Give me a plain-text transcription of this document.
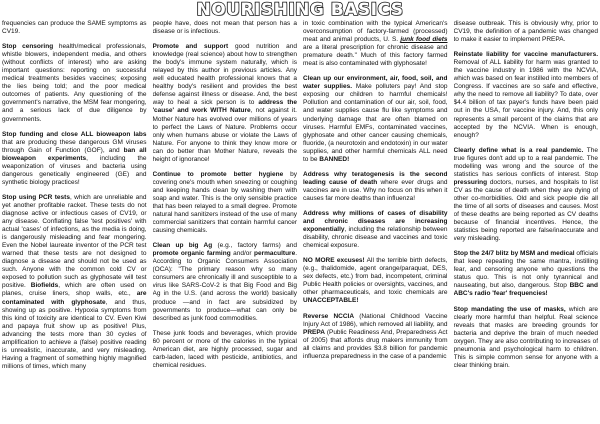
NOURISHING BASICS

frequencies can produce the SAME symptoms as CV19.

Stop censoring health/medical professionals, whistle blowers, independent media, and others (without conflicts of interest) who are asking important questions: reporting on successful medical treatments besides vaccines; exposing the lies being told; and the poor medical outcomes of patients. Any questioning of the government's narrative, the MSM fear mongering, and a serious lack of due diligence by governments.

Stop funding and close ALL bioweapon labs that are producing these dangerous GM viruses through Gain of Function (GOF), and ban all bioweapon experiments, including the weaponization of viruses and bacteria using dangerous genetically engineered (GE) and synthetic biology practices!

Stop using PCR tests, which are unreliable and yet another profitable racket. These tests do not diagnose active or infectious cases of CV19, or any disease. Conflating false 'test positives' with actual 'cases' of infections, as the media is doing, is dangerously misleading and fear mongering. Even the Nobel laureate inventor of the PCR test warned that these tests are not designed to diagnose a disease and should not be used as such. Anyone with the common cold CV or exposed to pollution such as glyphosate will test positive. Biofields, which are often used on planes, cruise liners, shop walls, etc., are contaminated with glyphosate, and thus, showing up as positive. Hypoxia symptoms from this kind of toxicity are identical to CV. Even Kiwi and papaya fruit show up as positive! Plus, advancing the tests more than 30 cycles of amplification to achieve a (false) positive reading is unrealistic, inaccurate, and very misleading. Having a fragment of something highly magnified millions of times, which many

people have, does not mean that person has a disease or is infectious.

Promote and support good nutrition and knowledge (real science) about how to strengthen the body's immune system naturally, which is relayed by this author in previous articles. Any well educated health professional knows that a healthy body's resilient and provides the best defense against illness or disease. And, the best way to heal a sick person is to address the 'cause' and work WITH Nature, not against it. Mother Nature has evolved over millions of years to perfect the Laws of Nature. Problems occur only when humans abuse or violate the Laws of Nature. For anyone to think they know more or can do better than Mother Nature, reveals the height of ignorance!

Continue to promote better hygiene by covering one's mouth when sneezing or coughing and keeping hands clean by washing them with soap and water. This is the only sensible practice that has been relayed to a small degree. Promote natural hand sanitizers instead of the use of many commercial sanitizers that contain harmful cancer causing chemicals.

Clean up big Ag (e.g., factory farms) and promote organic farming and/or permaculture. According to Organic Consumers Association (OCA): "The primary reason why so many consumers are chronically ill and susceptible to a virus like SARS-CoV-2 is that Big Food and Big Ag in the U.S. (and across the world) basically produce —and in fact are subsidized by governments to produce—what can only be described as junk food commodities.

These junk foods and beverages, which provide 60 percent or more of the calories in the typical American diet, are highly processed, sugar and carb-laden, laced with pesticide, antibiotics, and chemical residues.

in toxic combination with the typical American's overconsumption of factory-farmed (processed) meat and animal products, U. S. junk food diets are a literal prescription for chronic disease and premature death." Much of this factory farmed meat is also contaminated with glyphosate!

Clean up our environment, air, food, soil, and water supplies. Make polluters pay! And stop exposing our children to harmful chemicals! Pollution and contamination of our air, soil, food, and water supplies cause flu like symptoms and underlying damage that are often blamed on viruses. Harmful EMFs, contaminated vaccines, glyphosate and other cancer causing chemicals, fluoride, (a neurotoxin and endotoxin) in our water supplies, and other harmful chemicals ALL need to be BANNED!

Address why teratogenesis is the second leading cause of death where ever drugs and vaccines are in use. Why no focus on this when it causes far more deaths than influenza!

Address why millions of cases of disability and chronic diseases are increasing exponentially, including the relationship between disability, chronic disease and vaccines and toxic chemical exposure.

NO MORE excuses! All the terrible birth defects, (e.g., thalidomide, agent orange/paraquat, DES, sex defects, etc.) from bad, incompetent, criminal Public Health policies or oversights, vaccines, and other pharmaceuticals, and toxic chemicals are UNACCEPTABLE!

Reverse NCCIA (National Childhood Vaccine Injury Act of 1986), which removed all liability, and PREPA (Public Readiness And, Preparedness Act of 2005) that affords drug makers immunity from all claims and provides $3.8 billion for pandemic influenza preparedness in the case of a pandemic

disease outbreak. This is obviously why, prior to CV19, the definition of a pandemic was changed to make it easier to implement PREPA.

Reinstate liability for vaccine manufacturers. Removal of ALL liability for harm was granted to the vaccine industry in 1986 with the NCVIA, which was based on fear instilled into members of Congress. If vaccines are so safe and effective, why the need to remove all liability? To date, over $4.4 billion of tax payer's funds have been paid out in the USA, for vaccine injury. And, this only represents a small percent of the claims that are accepted by the NCVIA. When is enough, enough?

Clearly define what is a real pandemic. The true figures don't add up to a real pandemic. The modelling was wrong and the source of the statistics has serious conflicts of interest. Stop pressuring doctors, nurses, and hospitals to list CV as the cause of death when they are dying of other co-morbidities. Old and sick people die all the time of all sorts of diseases and causes. Most of these deaths are being reported as CV deaths because of financial incentives. Hence, the statistics being reported are false/inaccurate and very misleading.

Stop the 24/7 blitz by MSM and medical officials that keep repeating the same mantra, instilling fear, and censoring anyone who questions the status quo. This is not only tyrannical and nauseating, but also, dangerous. Stop BBC and ABC's radio 'fear' frequencies!

Stop mandating the use of masks, which are clearly more harmful than helpful. Real science reveals that masks are breeding grounds for bacteria and deprive the brain of much needed oxygen. They are also contributing to increases of pneumonia and psychological harm to children. This is simple common sense for anyone with a clear thinking brain.
